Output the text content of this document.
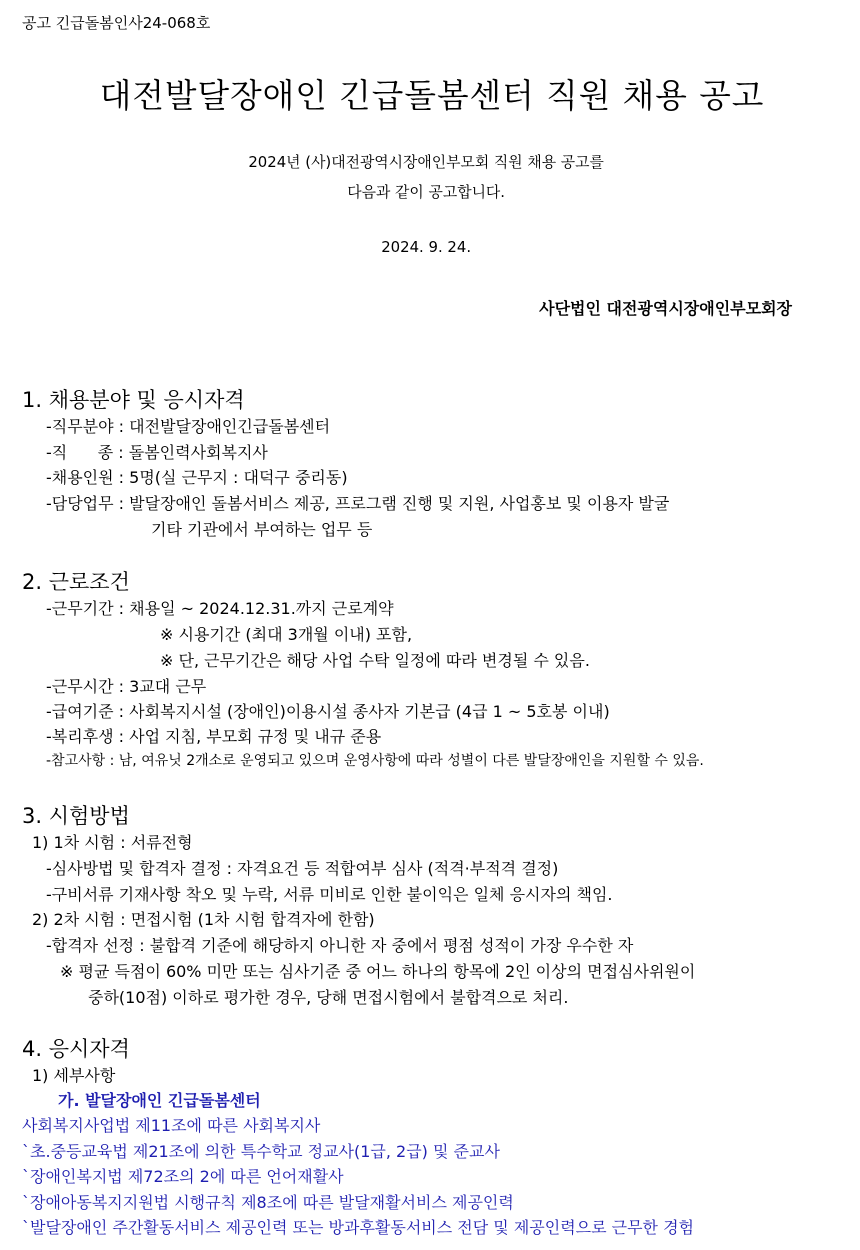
공고 긴급돌봄인사24-068호
대전발달장애인 긴급돌봄센터 직원 채용 공고
2024년 (사)대전광역시장애인부모회 직원 채용 공고를
다음과 같이 공고합니다.
2024. 9. 24.
사단법인 대전광역시장애인부모회장
1. 채용분야 및 응시자격
-직무분야 : 대전발달장애인긴급돌봄센터
-직      종 : 돌봄인력사회복지사
-채용인원 : 5명(실 근무지 : 대덕구 중리동)
-담당업무 : 발달장애인 돌봄서비스 제공, 프로그램 진행 및 지원, 사업홍보 및 이용자 발굴
기타 기관에서 부여하는 업무 등
2. 근로조건
-근무기간 : 채용일 ~ 2024.12.31.까지 근로계약
※ 시용기간 (최대 3개월 이내) 포함,
※ 단, 근무기간은 해당 사업 수탁 일정에 따라 변경될 수 있음.
-근무시간 : 3교대 근무
-급여기준 : 사회복지시설 (장애인)이용시설 종사자 기본급 (4급 1 ~ 5호봉 이내)
-복리후생 : 사업 지침, 부모회 규정 및 내규 준용
-참고사항 : 남, 여유닛 2개소로 운영되고 있으며 운영사항에 따라 성별이 다른 발달장애인을 지원할 수 있음.
3. 시험방법
1) 1차 시험 : 서류전형
-심사방법 및 합격자 결정 : 자격요건 등 적합여부 심사 (적격·부적격 결정)
-구비서류 기재사항 착오 및 누락, 서류 미비로 인한 불이익은 일체 응시자의 책임.
2) 2차 시험 : 면접시험 (1차 시험 합격자에 한함)
-합격자 선정 : 불합격 기준에 해당하지 아니한 자 중에서 평점 성적이 가장 우수한 자
※ 평균 득점이 60% 미만 또는 심사기준 중 어느 하나의 항목에 2인 이상의 면접심사위원이
중하(10점) 이하로 평가한 경우, 당해 면접시험에서 불합격으로 처리.
4. 응시자격
1) 세부사항
가. 발달장애인 긴급돌봄센터
사회복지사업법 제11조에 따른 사회복지사
`초.중등교육법 제21조에 의한 특수학교 정교사(1급, 2급) 및 준교사
`장애인복지법 제72조의 2에 따른 언어재활사
`장애아동복지지원법 시행규칙 제8조에 따른 발달재활서비스 제공인력
`발달장애인 주간활동서비스 제공인력 또는 방과후활동서비스 전담 및 제공인력으로 근무한 경험
